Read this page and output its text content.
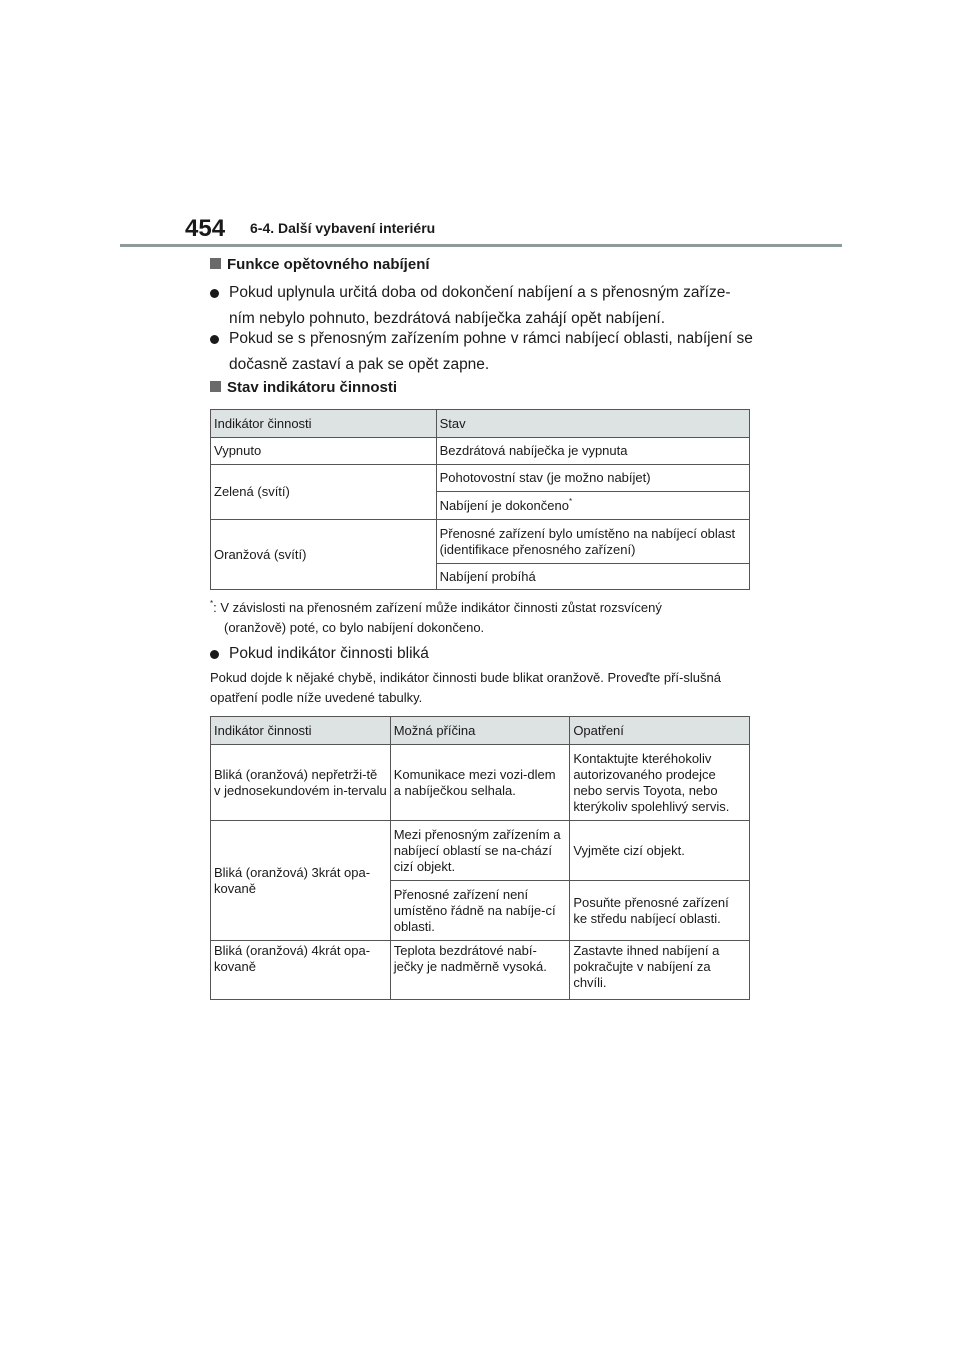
454 6-4. Další vybavení interiéru
Funkce opětovného nabíjení
Pokud uplynula určitá doba od dokončení nabíjení a s přenosným zaříze-ním nebylo pohnuto, bezdrátová nabíječka zahájí opět nabíjení.
Pokud se s přenosným zařízením pohne v rámci nabíjecí oblasti, nabíjení se dočasně zastaví a pak se opět zapne.
Stav indikátoru činnosti
Indikátor činnosti	Stav
Vypnuto	Bezdrátová nabíječka je vypnuta
Zelená (svítí)	Pohotovostní stav (je možno nabíjet)
	Nabíjení je dokončeno*
Oranžová (svítí)	Přenosné zařízení bylo umístěno na nabíjecí oblast (identifikace přenosného zařízení)
	Nabíjení probíhá
*: V závislosti na přenosném zařízení může indikátor činnosti zůstat rozsvícený
(oranžově) poté, co bylo nabíjení dokončeno.
Pokud indikátor činnosti bliká
Pokud dojde k nějaké chybě, indikátor činnosti bude blikat oranžově. Proveďte pří-slušná opatření podle níže uvedené tabulky.
Indikátor činnosti	Možná příčina	Opatření
Bliká (oranžová) nepřetrži-tě v jednosekundovém in-tervalu	Komunikace mezi vozi-dlem a nabíječkou selhala.	Kontaktujte kteréhokoliv autorizovaného prodejce nebo servis Toyota, nebo kterýkoliv spolehlivý servis.
Bliká (oranžová) 3krát opa-kovaně	Mezi přenosným zařízením a nabíjecí oblastí se na-chází cizí objekt.	Vyjměte cizí objekt.
	Přenosné zařízení není umístěno řádně na nabíje-cí oblasti.	Posuňte přenosné zařízení ke středu nabíjecí oblasti.
Bliká (oranžová) 4krát opa-kovaně	Teplota bezdrátové nabí-ječky je nadměrně vysoká.	Zastavte ihned nabíjení a pokračujte v nabíjení za chvíli.
